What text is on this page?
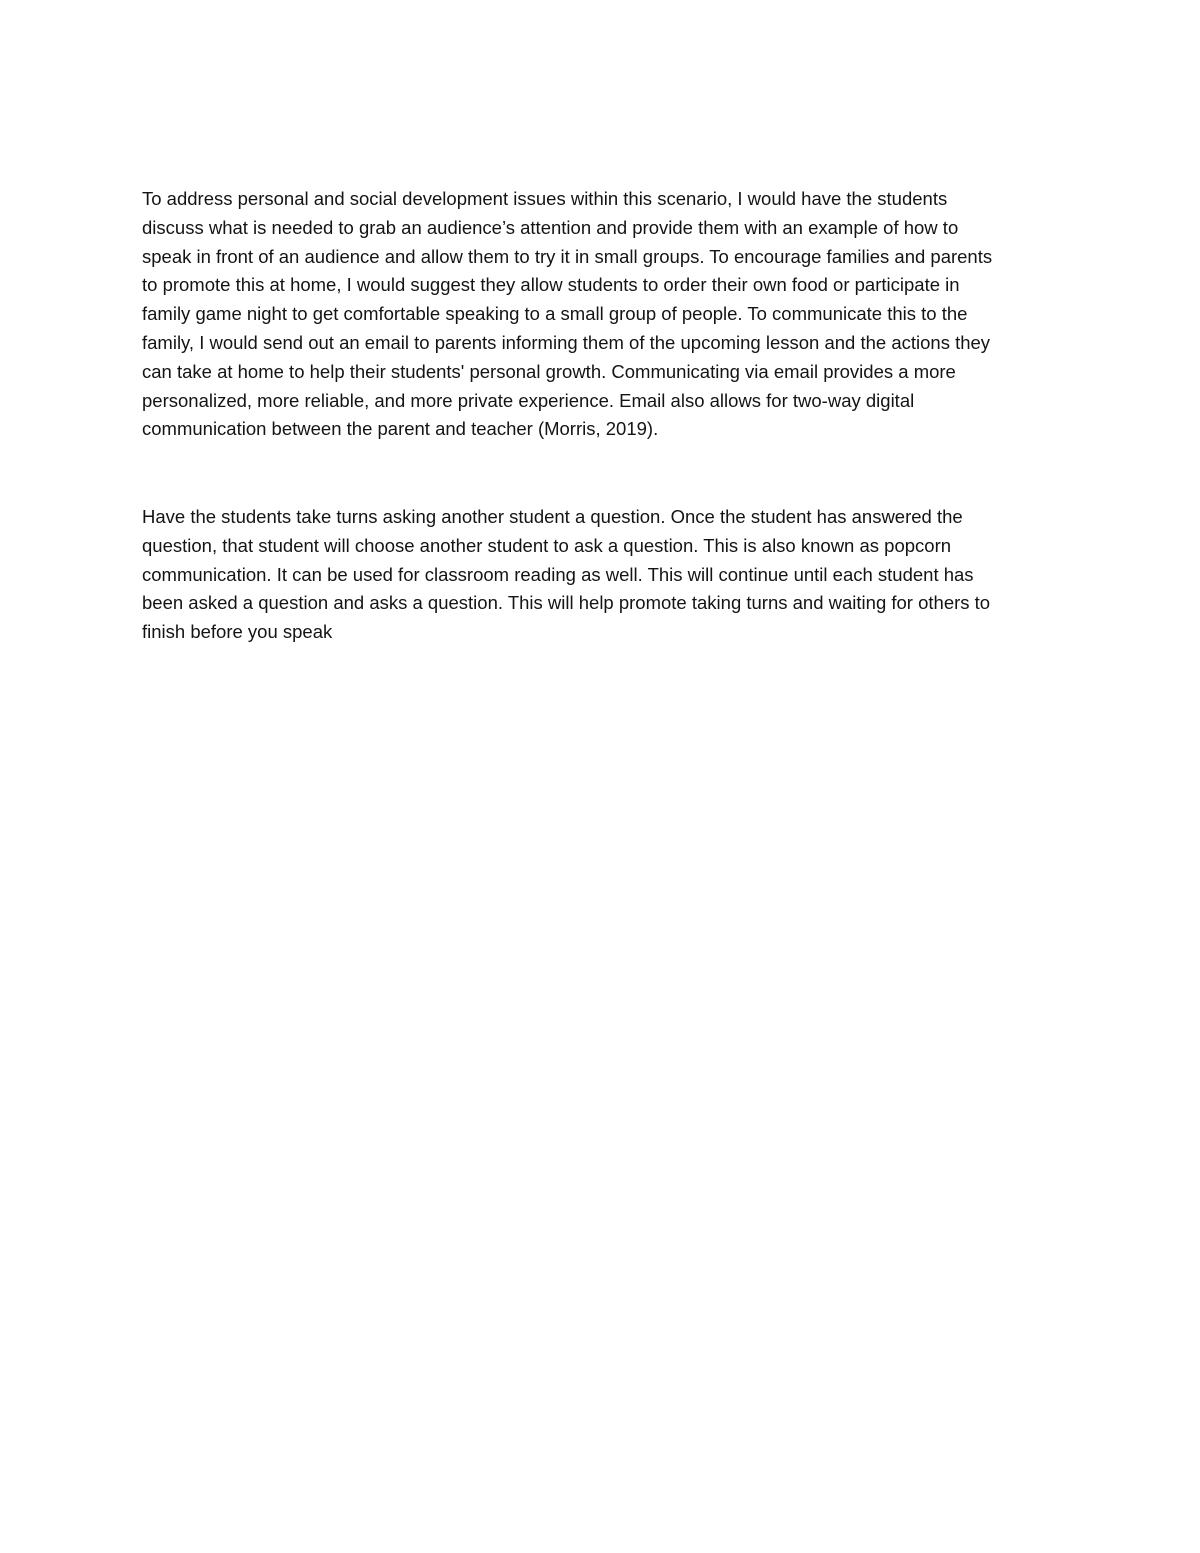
To address personal and social development issues within this scenario, I would have the students
discuss what is needed to grab an audience’s attention and provide them with an example of how to
speak in front of an audience and allow them to try it in small groups. To encourage families and parents
to promote this at home, I would suggest they allow students to order their own food or participate in
family game night to get comfortable speaking to a small group of people. To communicate this to the
family, I would send out an email to parents informing them of the upcoming lesson and the actions they
can take at home to help their students' personal growth. Communicating via email provides a more
personalized, more reliable, and more private experience. Email also allows for two-way digital
communication between the parent and teacher (Morris, 2019).

Have the students take turns asking another student a question. Once the student has answered the
question, that student will choose another student to ask a question. This is also known as popcorn
communication. It can be used for classroom reading as well. This will continue until each student has
been asked a question and asks a question. This will help promote taking turns and waiting for others to
finish before you speak
